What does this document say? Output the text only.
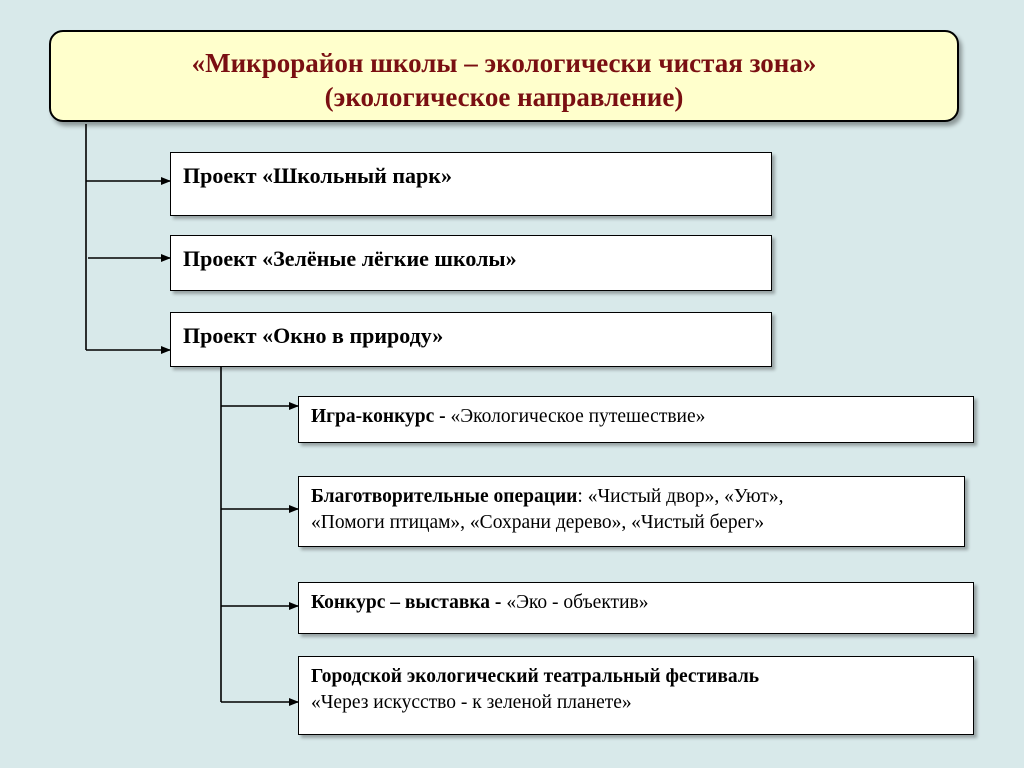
«Микрорайон школы – экологически чистая зона»
(экологическое направление)
Проект «Школьный парк»
Проект «Зелёные лёгкие школы»
Проект «Окно в природу»
Игра-конкурс - «Экологическое путешествие»
Благотворительные операции: «Чистый двор», «Уют»,
«Помоги птицам», «Сохрани дерево», «Чистый берег»
Конкурс – выставка - «Эко - объектив»
Городской экологический театральный фестиваль
«Через искусство - к зеленой планете»
